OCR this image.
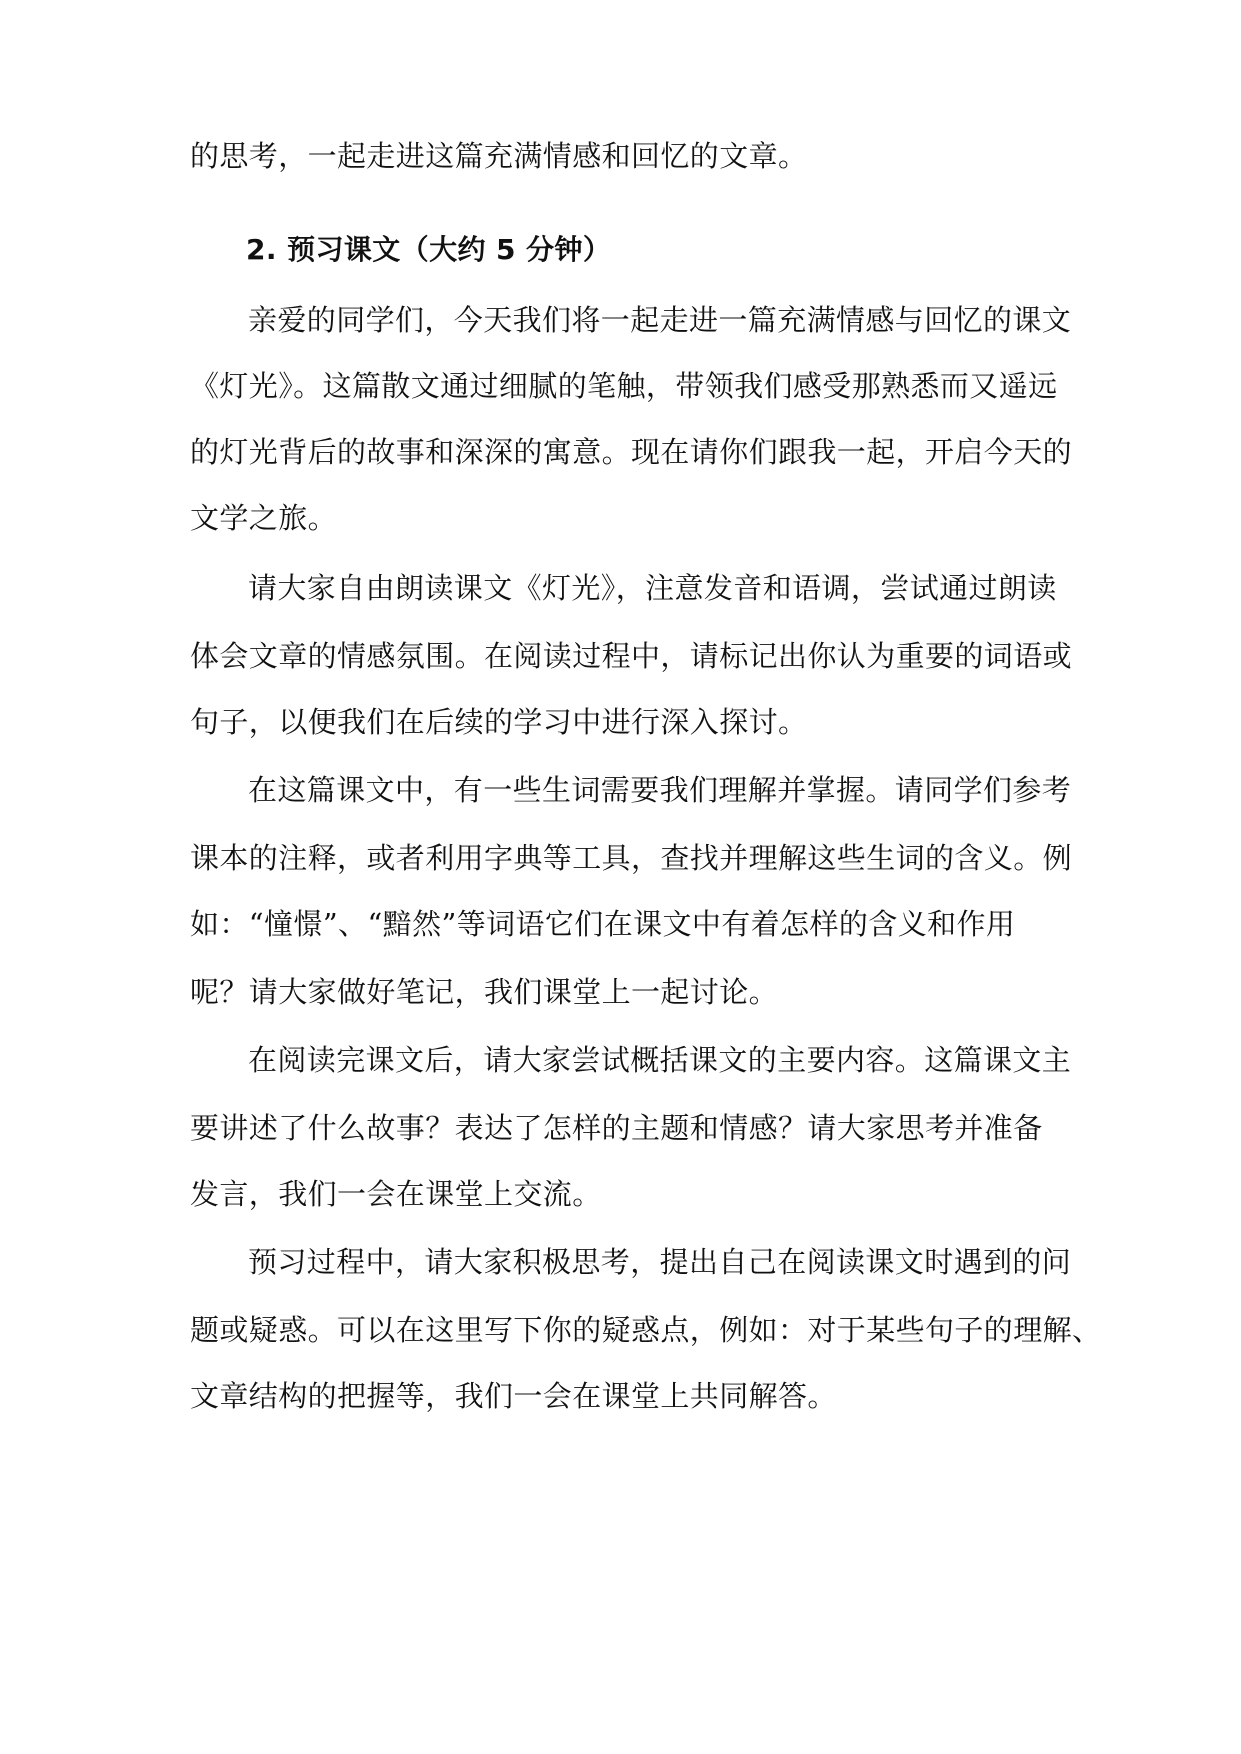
的思考，一起走进这篇充满情感和回忆的文章。
2. 预习课文（大约 5 分钟）
亲爱的同学们，今天我们将一起走进一篇充满情感与回忆的课文
《灯光》。这篇散文通过细腻的笔触，带领我们感受那熟悉而又遥远
的灯光背后的故事和深深的寓意。现在请你们跟我一起，开启今天的
文学之旅。
请大家自由朗读课文《灯光》，注意发音和语调，尝试通过朗读
体会文章的情感氛围。在阅读过程中，请标记出你认为重要的词语或
句子，以便我们在后续的学习中进行深入探讨。
在这篇课文中，有一些生词需要我们理解并掌握。请同学们参考
课本的注释，或者利用字典等工具，查找并理解这些生词的含义。例
如：“憧憬”、“黯然”等词语它们在课文中有着怎样的含义和作用
呢？请大家做好笔记，我们课堂上一起讨论。
在阅读完课文后，请大家尝试概括课文的主要内容。这篇课文主
要讲述了什么故事？表达了怎样的主题和情感？请大家思考并准备
发言，我们一会在课堂上交流。
预习过程中，请大家积极思考，提出自己在阅读课文时遇到的问
题或疑惑。可以在这里写下你的疑惑点，例如：对于某些句子的理解、
文章结构的把握等，我们一会在课堂上共同解答。
